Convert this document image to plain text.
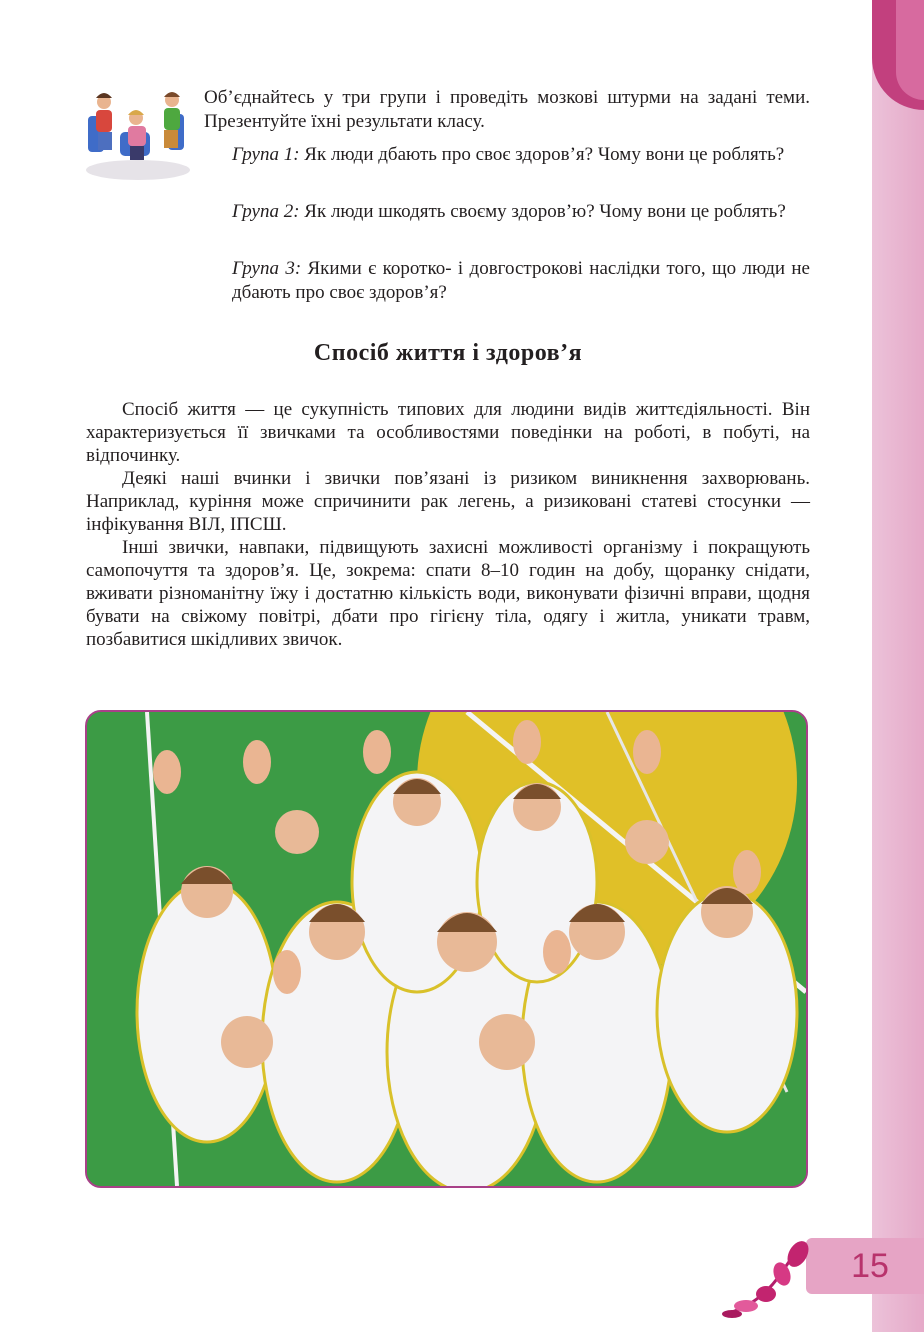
Об’єднайтесь у три групи і проведіть мозкові штурми на задані теми. Презентуйте їхні результати класу.

Група 1: Як люди дбають про своє здоров’я? Чому вони це роблять?

Група 2: Як люди шкодять своєму здоров’ю? Чому вони це роблять?

Група 3: Якими є коротко- і довгострокові наслідки того, що люди не дбають про своє здоров’я?

Спосіб життя і здоров’я

Спосіб життя — це сукупність типових для людини видів життєдіяльності. Він характеризується її звичками та особливостями поведінки на роботі, в побуті, на відпочинку.

Деякі наші вчинки і звички пов’язані із ризиком виникнення захворювань. Наприклад, куріння може спричинити рак легень, а ризиковані статеві стосунки — інфікування ВІЛ, ІПСШ.

Інші звички, навпаки, підвищують захисні можливості організму і покращують самопочуття та здоров’я. Це, зокрема: спати 8–10 годин на добу, щоранку снідати, вживати різноманітну їжу і достатню кількість води, виконувати фізичні вправи, щодня бувати на свіжому повітрі, дбати про гігієну тіла, одягу і житла, уникати травм, позбавитися шкідливих звичок.

15
